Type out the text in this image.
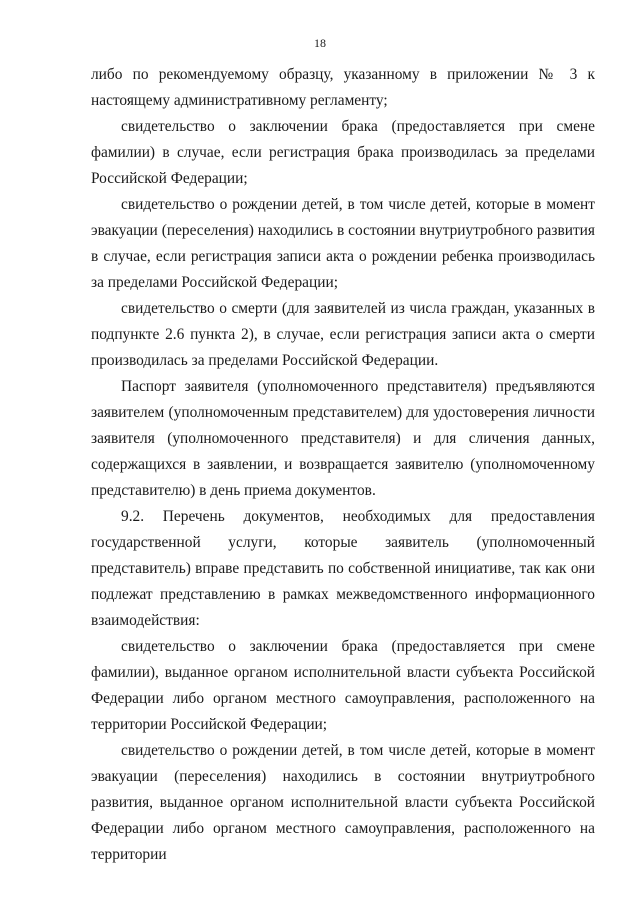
18

либо по рекомендуемому образцу, указанному в приложении № 3 к настоящему административному регламенту;

свидетельство о заключении брака (предоставляется при смене фамилии) в случае, если регистрация брака производилась за пределами Российской Федерации;

свидетельство о рождении детей, в том числе детей, которые в момент эвакуации (переселения) находились в состоянии внутриутробного развития в случае, если регистрация записи акта о рождении ребенка производилась за пределами Российской Федерации;

свидетельство о смерти (для заявителей из числа граждан, указанных в подпункте 2.6 пункта 2), в случае, если регистрация записи акта о смерти производилась за пределами Российской Федерации.

Паспорт заявителя (уполномоченного представителя) предъявляются заявителем (уполномоченным представителем) для удостоверения личности заявителя (уполномоченного представителя) и для сличения данных, содержащихся в заявлении, и возвращается заявителю (уполномоченному представителю) в день приема документов.

9.2. Перечень документов, необходимых для предоставления государственной услуги, которые заявитель (уполномоченный представитель) вправе представить по собственной инициативе, так как они подлежат представлению в рамках межведомственного информационного взаимодействия:

свидетельство о заключении брака (предоставляется при смене фамилии), выданное органом исполнительной власти субъекта Российской Федерации либо органом местного самоуправления, расположенного на территории Российской Федерации;

свидетельство о рождении детей, в том числе детей, которые в момент эвакуации (переселения) находились в состоянии внутриутробного развития, выданное органом исполнительной власти субъекта Российской Федерации либо органом местного самоуправления, расположенного на территории
